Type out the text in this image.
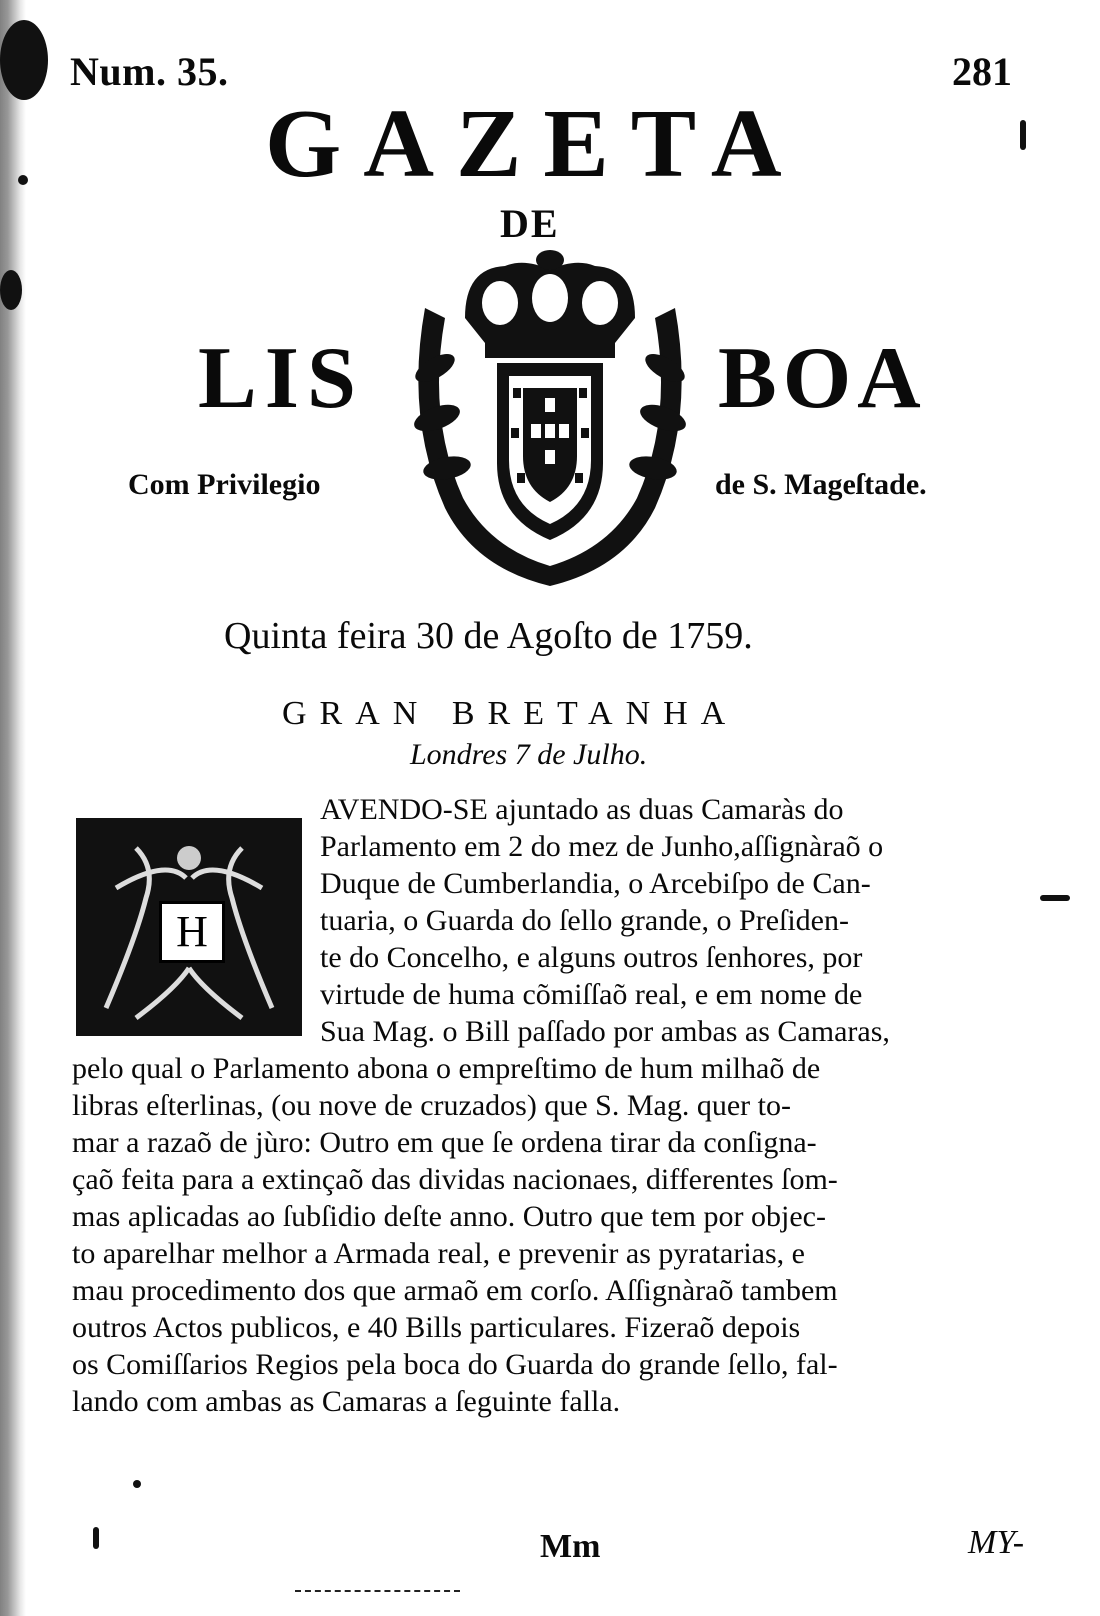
Num. 35.	281
GAZETA
DE
LIS	BOA
Com Privilegio	de S. Mageſtade.
Quinta feira 30 de Agoſto de 1759.
GRAN BRETANHA
Londres 7 de Julho.
H
AVENDO-SE ajuntado as duas Camaràs do
Parlamento em 2 do mez de Junho,aſſignàraõ o
Duque de Cumberlandia, o Arcebiſpo de Can-
tuaria, o Guarda do ſello grande, o Preſiden-
te do Concelho, e alguns outros ſenhores, por
virtude de huma cõmiſſaõ real, e em nome de
Sua Mag. o Bill paſſado por ambas as Camaras,
pelo qual o Parlamento abona o empreſtimo de hum milhaõ de
libras eſterlinas, (ou nove de cruzados) que S. Mag. quer to-
mar a razaõ de jùro: Outro em que ſe ordena tirar da conſigna-
çaõ feita para a extinçaõ das dividas nacionaes, differentes ſom-
mas aplicadas ao ſubſidio deſte anno. Outro que tem por objec-
to aparelhar melhor a Armada real, e prevenir as pyratarias, e
mau procedimento dos que armaõ em corſo. Aſſignàraõ tambem
outros Actos publicos, e 40 Bills particulares. Fizeraõ depois
os Comiſſarios Regios pela boca do Guarda do grande ſello, fal-
lando com ambas as Camaras a ſeguinte falla.
Mm	MY-
